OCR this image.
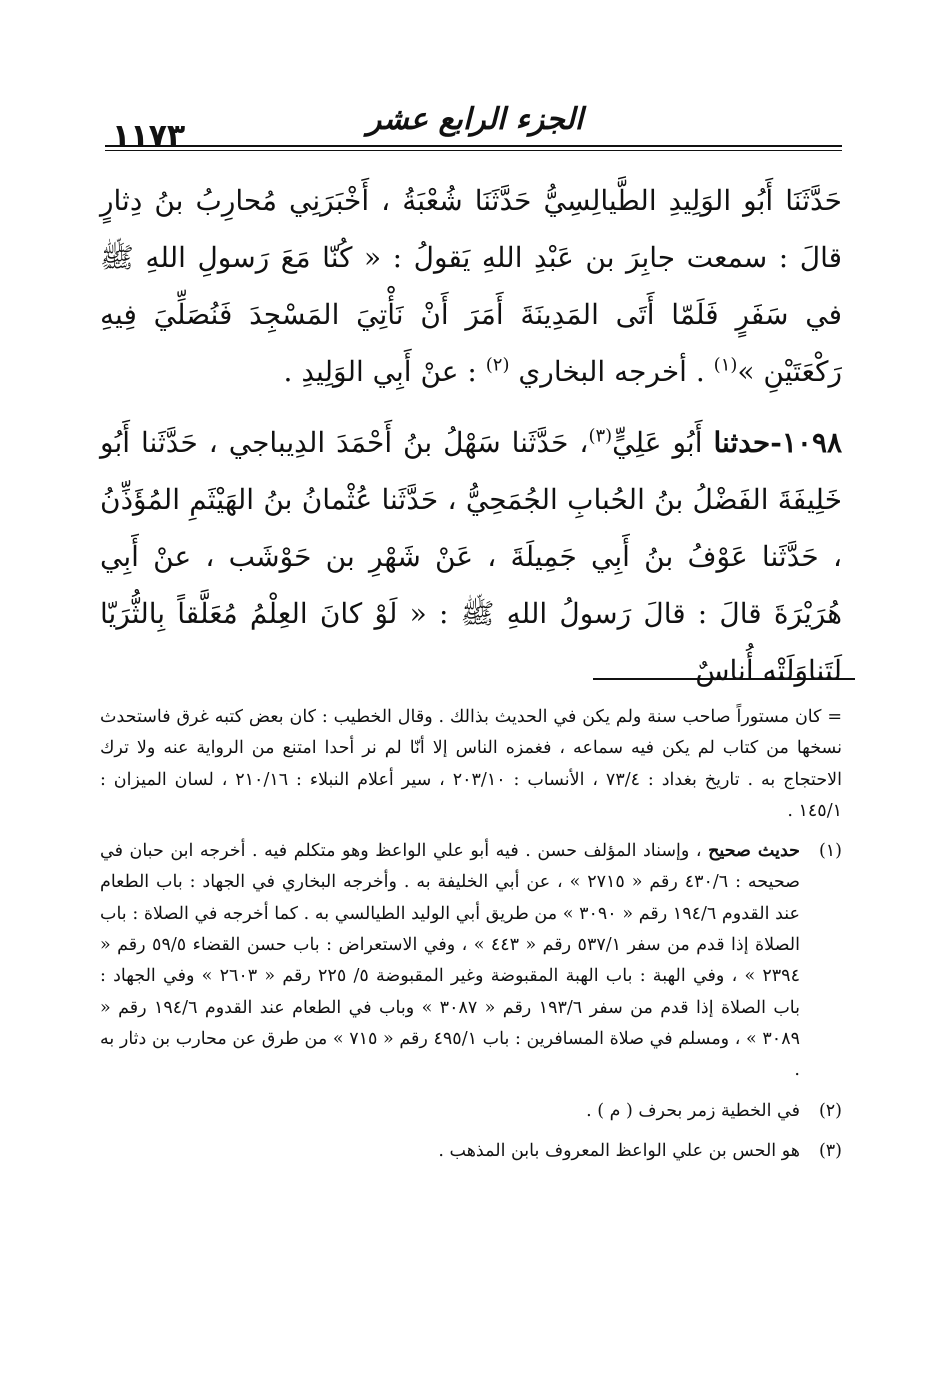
١١٧٣	الجزء الرابع عشر

حَدَّثَنَا أَبُو الوَلِيدِ الطَّيالِسِيُّ حَدَّثَنَا شُعْبَةُ ، أَخْبَرَنِي مُحارِبُ بنُ دِثارٍ قالَ : سمعت جابِرَ بن عَبْدِ اللهِ يَقولُ : « كُنّا مَعَ رَسولِ اللهِ ﷺ في سَفَرٍ فَلَمّا أَتَى المَدِينَةَ أَمَرَ أَنْ نَأْتِيَ المَسْجِدَ فَنُصَلِّيَ فِيهِ رَكْعَتَيْنِ »$^{(١)}$ . أخرجه البخاري $^{(٢)}$ : عنْ أَبِي الوَلِيدِ .

١٠٩٨-حدثنا أَبُو عَلِيٍّ$^{(٣)}$، حَدَّثَنا سَهْلُ بنُ أَحْمَدَ الدِيباجي ، حَدَّثَنا أَبُو خَلِيفَةَ الفَضْلُ بنُ الحُبابِ الجُمَحِيُّ ، حَدَّثَنا عُثْمانُ بنُ الهَيْثَمِ المُؤَذِّنُ ، حَدَّثَنا عَوْفُ بنُ أَبِي جَمِيلَةَ ، عَنْ شَهْرِ بن حَوْشَب ، عنْ أَبِي هُرَيْرَةَ قالَ : قالَ رَسولُ اللهِ ﷺ : « لَوْ كانَ العِلْمُ مُعَلَّقاً بِالثُّرَيّا لَتَناوَلَتْه أُناسٌ

= كان مستوراً صاحب سنة ولم يكن في الحديث بذالك . وقال الخطيب : كان بعض كتبه غرق فاستحدث نسخها من كتاب لم يكن فيه سماعه ، فغمزه الناس إلا أنّا لم نر أحدا امتنع من الرواية عنه ولا ترك الاحتجاج به . تاريخ بغداد : ٧٣/٤ ، الأنساب : ٢٠٣/١٠ ، سير أعلام النبلاء : ٢١٠/١٦ ، لسان الميزان : ١٤٥/١ .

(١)
حديث صحيح ، وإسناد المؤلف حسن . فيه أبو علي الواعظ وهو متكلم فيه . أخرجه ابن حبان في صحيحه : ٤٣٠/٦ رقم « ٢٧١٥ » ، عن أبي الخليفة به . وأخرجه البخاري في الجهاد : باب الطعام عند القدوم ١٩٤/٦ رقم « ٣٠٩٠ » من طريق أبي الوليد الطيالسي به . كما أخرجه في الصلاة : باب الصلاة إذا قدم من سفر ٥٣٧/١ رقم « ٤٤٣ » ، وفي الاستعراض : باب حسن القضاء ٥٩/٥ رقم « ٢٣٩٤ » ، وفي الهبة : باب الهبة المقبوضة وغير المقبوضة ٥/ ٢٢٥ رقم « ٢٦٠٣ » وفي الجهاد : باب الصلاة إذا قدم من سفر ١٩٣/٦ رقم « ٣٠٨٧ » وباب في الطعام عند القدوم ١٩٤/٦ رقم « ٣٠٨٩ » ، ومسلم في صلاة المسافرين : باب ٤٩٥/١ رقم « ٧١٥ » من طرق عن محارب بن دثار به .
(٢)
في الخطية زمر بحرف ( م ) .
(٣)
هو الحس بن علي الواعظ المعروف بابن المذهب .
